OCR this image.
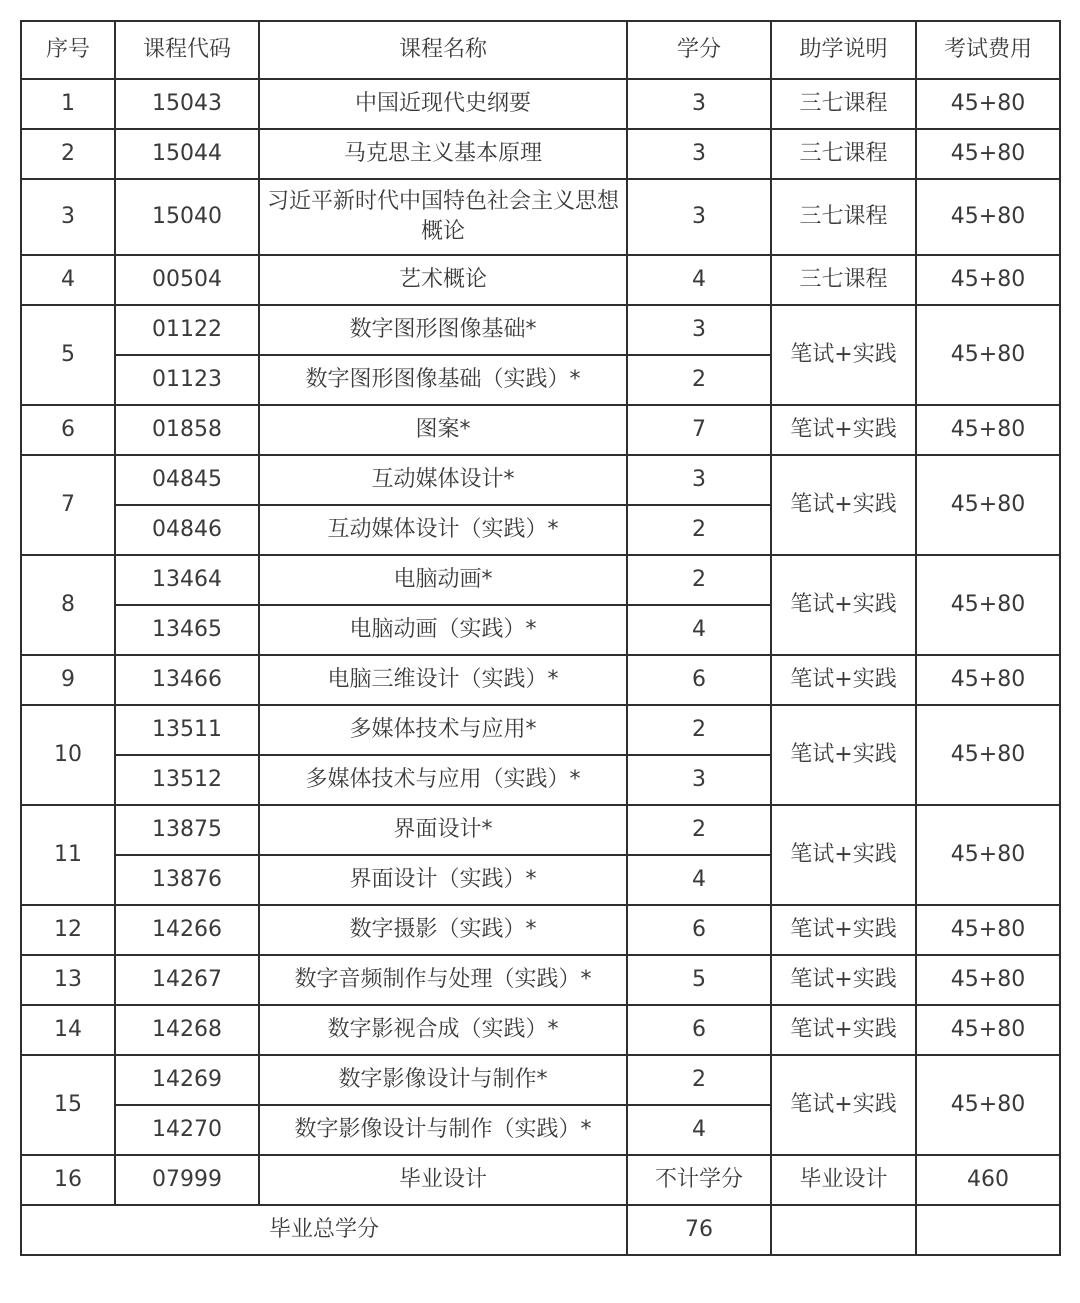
序号	课程代码	课程名称	学分	助学说明	考试费用
1	15043	中国近现代史纲要	3	三七课程	45+80
2	15044	马克思主义基本原理	3	三七课程	45+80
3	15040	习近平新时代中国特色社会主义思想概论	3	三七课程	45+80
4	00504	艺术概论	4	三七课程	45+80
5	01122	数字图形图像基础*	3	笔试+实践	45+80
	01123	数字图形图像基础（实践）*	2		
6	01858	图案*	7	笔试+实践	45+80
7	04845	互动媒体设计*	3	笔试+实践	45+80
	04846	互动媒体设计（实践）*	2		
8	13464	电脑动画*	2	笔试+实践	45+80
	13465	电脑动画（实践）*	4		
9	13466	电脑三维设计（实践）*	6	笔试+实践	45+80
10	13511	多媒体技术与应用*	2	笔试+实践	45+80
	13512	多媒体技术与应用（实践）*	3		
11	13875	界面设计*	2	笔试+实践	45+80
	13876	界面设计（实践）*	4		
12	14266	数字摄影（实践）*	6	笔试+实践	45+80
13	14267	数字音频制作与处理（实践）*	5	笔试+实践	45+80
14	14268	数字影视合成（实践）*	6	笔试+实践	45+80
15	14269	数字影像设计与制作*	2	笔试+实践	45+80
	14270	数字影像设计与制作（实践）*	4		
16	07999	毕业设计	不计学分	毕业设计	460
毕业总学分			76		
